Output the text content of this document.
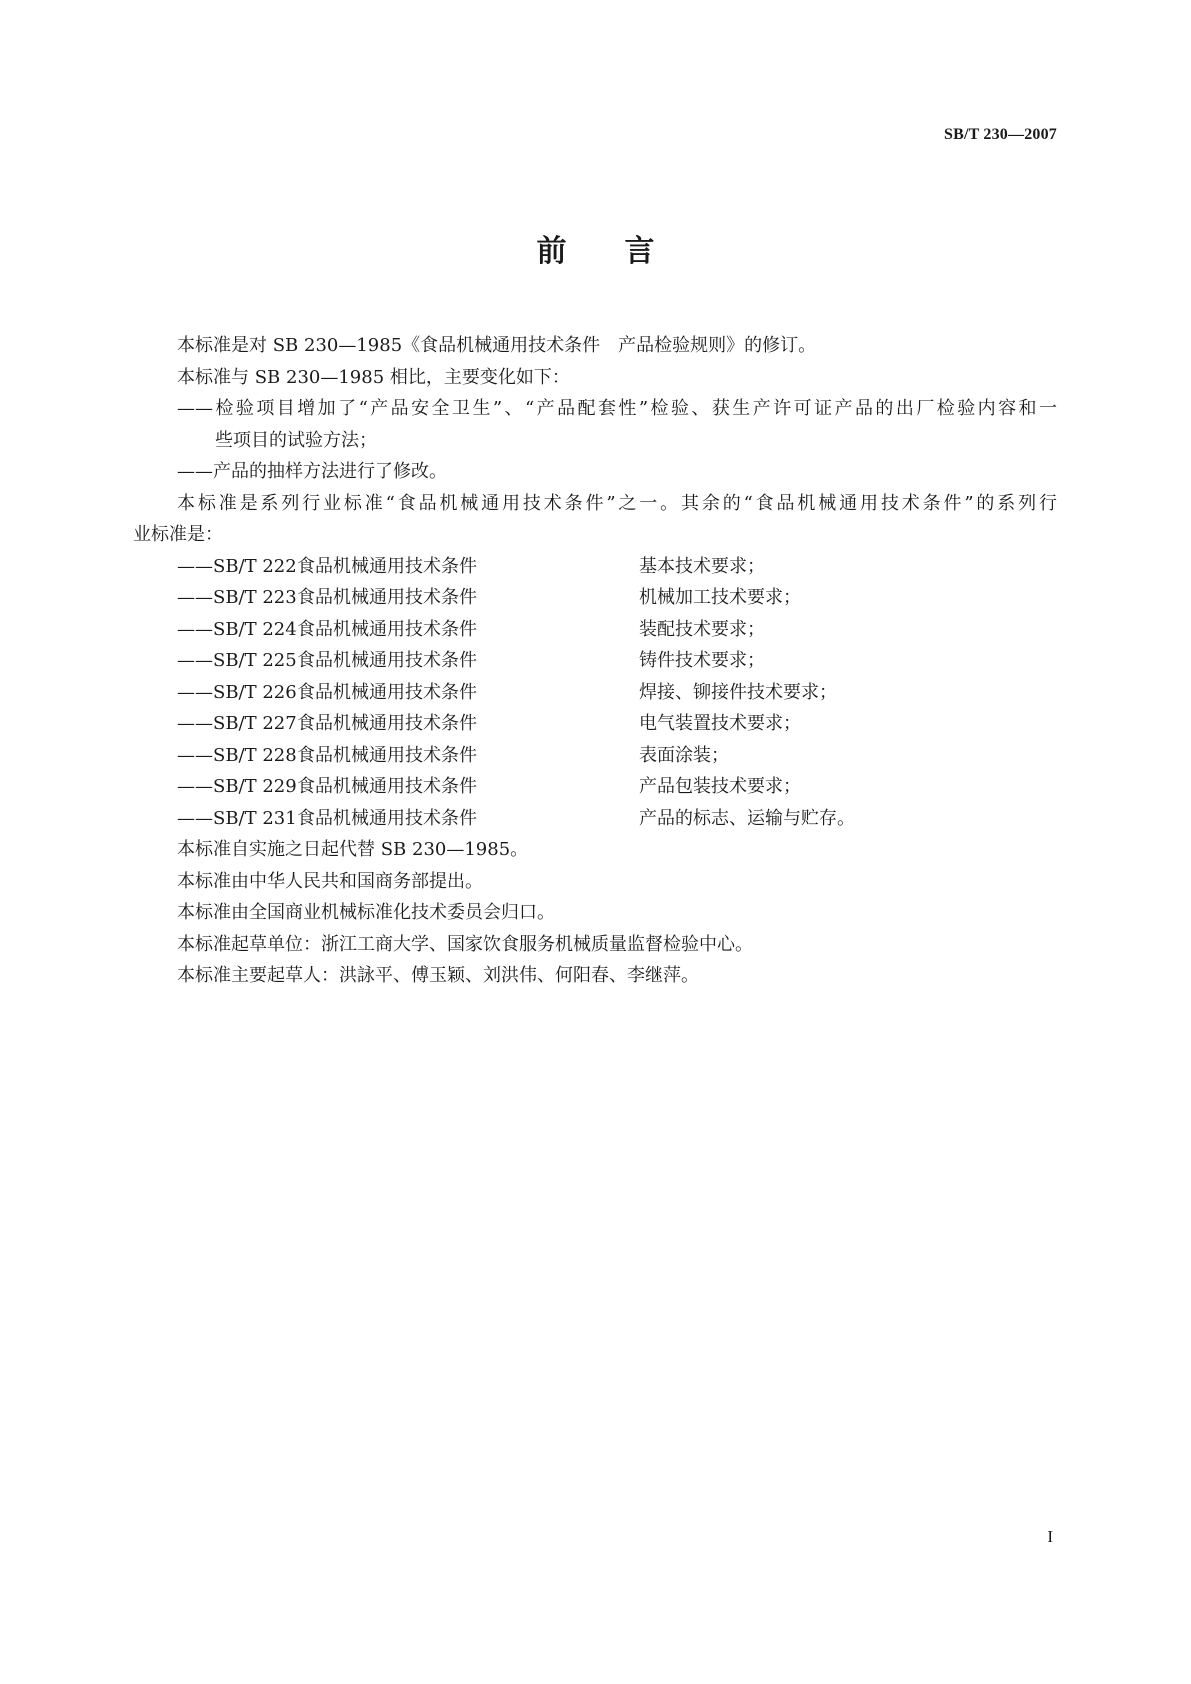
SB/T 230—2007
前言
本标准是对 SB 230—1985《食品机械通用技术条件　产品检验规则》的修订。
本标准与 SB 230—1985 相比，主要变化如下：
——检验项目增加了“产品安全卫生”、“产品配套性”检验、获生产许可证产品的出厂检验内容和一
些项目的试验方法；
——产品的抽样方法进行了修改。
本标准是系列行业标准“食品机械通用技术条件”之一。其余的“食品机械通用技术条件”的系列行
业标准是：
——SB/T 222　食品机械通用技术条件	基本技术要求；
——SB/T 223　食品机械通用技术条件	机械加工技术要求；
——SB/T 224　食品机械通用技术条件	装配技术要求；
——SB/T 225　食品机械通用技术条件	铸件技术要求；
——SB/T 226　食品机械通用技术条件	焊接、铆接件技术要求；
——SB/T 227　食品机械通用技术条件	电气装置技术要求；
——SB/T 228　食品机械通用技术条件	表面涂装；
——SB/T 229　食品机械通用技术条件	产品包装技术要求；
——SB/T 231　食品机械通用技术条件	产品的标志、运输与贮存。
本标准自实施之日起代替 SB 230—1985。
本标准由中华人民共和国商务部提出。
本标准由全国商业机械标准化技术委员会归口。
本标准起草单位：浙江工商大学、国家饮食服务机械质量监督检验中心。
本标准主要起草人：洪詠平、傅玉颖、刘洪伟、何阳春、李继萍。
I
